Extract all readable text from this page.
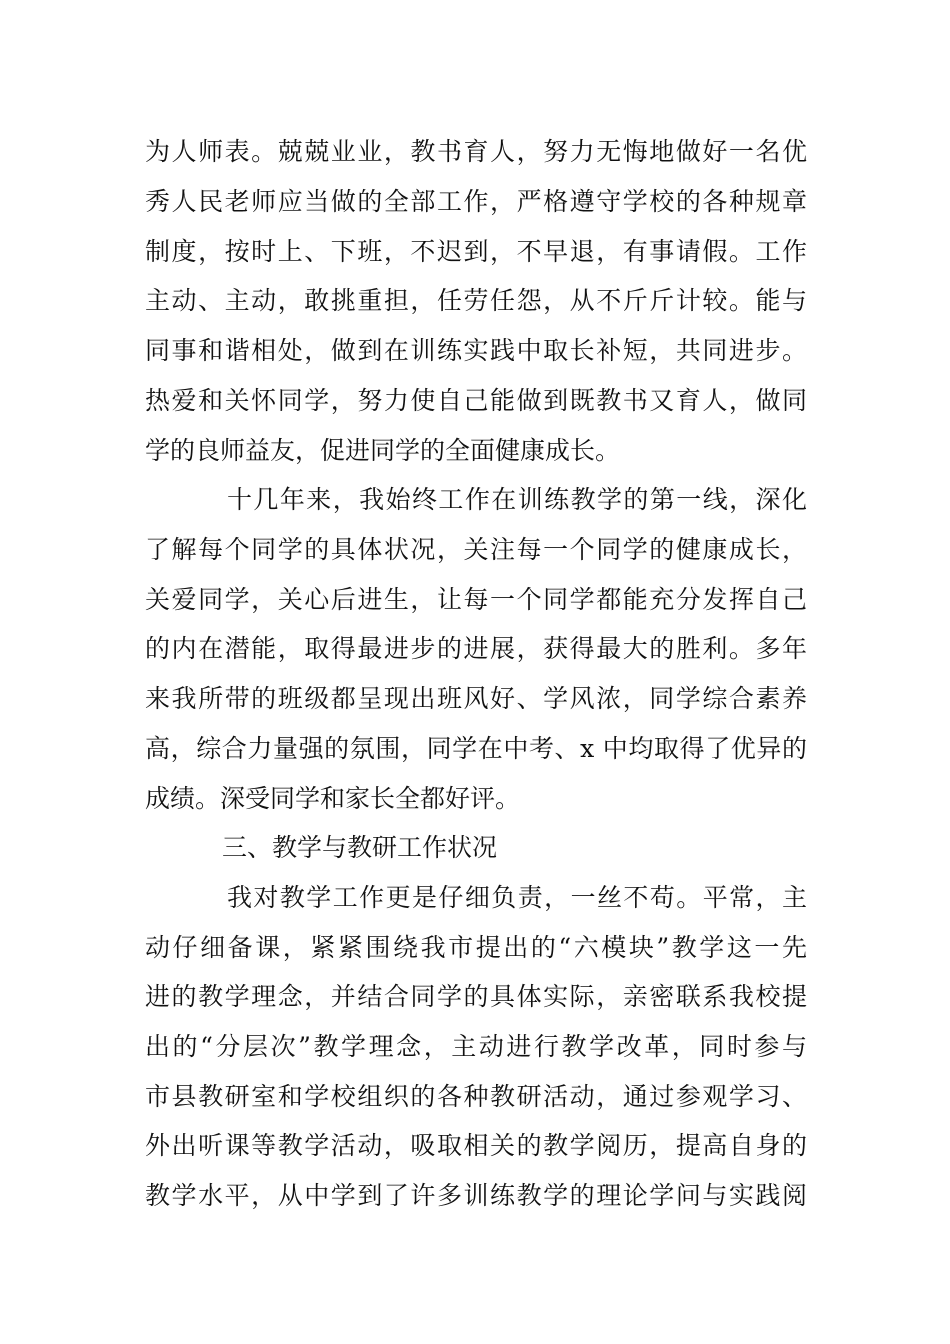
为人师表。兢兢业业，教书育人，努力无悔地做好一名优
秀人民老师应当做的全部工作，严格遵守学校的各种规章
制度，按时上、下班，不迟到，不早退，有事请假。工作
主动、主动，敢挑重担，任劳任怨，从不斤斤计较。能与
同事和谐相处，做到在训练实践中取长补短，共同进步。
热爱和关怀同学，努力使自己能做到既教书又育人，做同
学的良师益友，促进同学的全面健康成长。
十几年来，我始终工作在训练教学的第一线，深化
了解每个同学的具体状况，关注每一个同学的健康成长，
关爱同学，关心后进生，让每一个同学都能充分发挥自己
的内在潜能，取得最进步的进展，获得最大的胜利。多年
来我所带的班级都呈现出班风好、学风浓，同学综合素养
高，综合力量强的氛围，同学在中考、x 中均取得了优异的
成绩。深受同学和家长全都好评。
三、教学与教研工作状况
我对教学工作更是仔细负责，一丝不苟。平常，主
动仔细备课，紧紧围绕我市提出的“六模块”教学这一先
进的教学理念，并结合同学的具体实际，亲密联系我校提
出的“分层次”教学理念，主动进行教学改革，同时参与
市县教研室和学校组织的各种教研活动，通过参观学习、
外出听课等教学活动，吸取相关的教学阅历，提高自身的
教学水平，从中学到了许多训练教学的理论学问与实践阅
